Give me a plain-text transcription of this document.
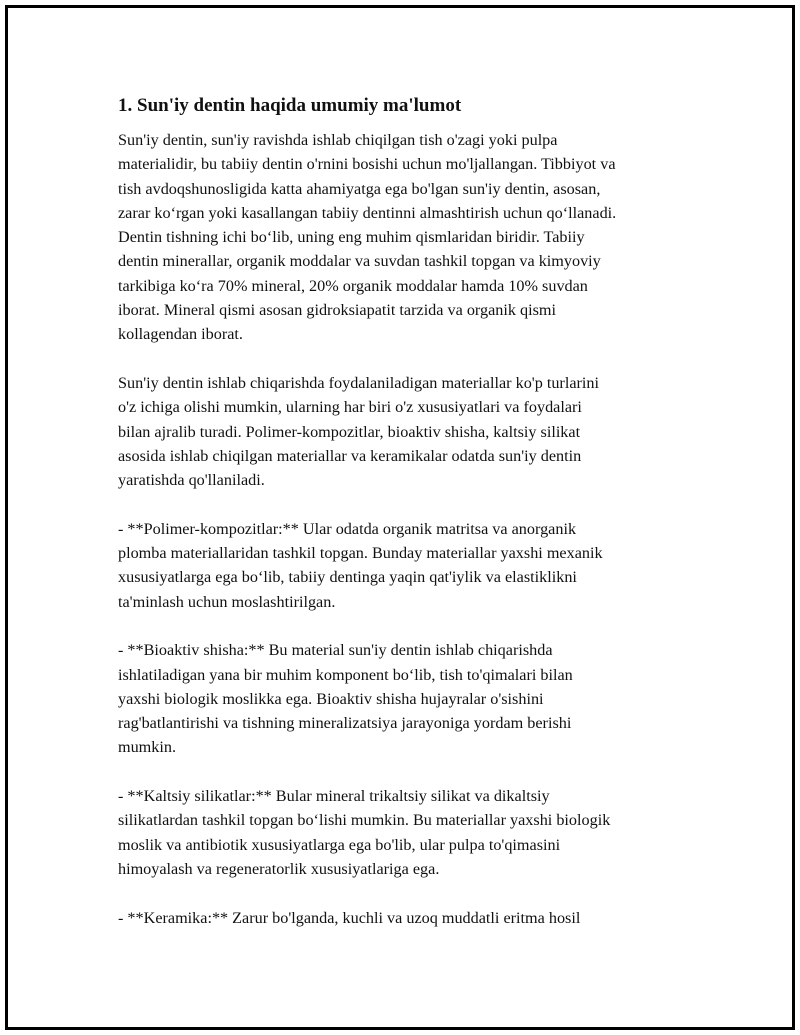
1. Sun'iy dentin haqida umumiy ma'lumot
Sun'iy dentin, sun'iy ravishda ishlab chiqilgan tish o'zagi yoki pulpa
materialidir, bu tabiiy dentin o'rnini bosishi uchun mo'ljallangan. Tibbiyot va
tish avdoqshunosligida katta ahamiyatga ega bo'lgan sun'iy dentin, asosan,
zarar ko‘rgan yoki kasallangan tabiiy dentinni almashtirish uchun qo‘llanadi.
Dentin tishning ichi bo‘lib, uning eng muhim qismlaridan biridir. Tabiiy
dentin minerallar, organik moddalar va suvdan tashkil topgan va kimyoviy
tarkibiga ko‘ra 70% mineral, 20% organik moddalar hamda 10% suvdan
iborat. Mineral qismi asosan gidroksiapatit tarzida va organik qismi
kollagendan iborat.
Sun'iy dentin ishlab chiqarishda foydalaniladigan materiallar ko'p turlarini
o'z ichiga olishi mumkin, ularning har biri o'z xususiyatlari va foydalari
bilan ajralib turadi. Polimer-kompozitlar, bioaktiv shisha, kaltsiy silikat
asosida ishlab chiqilgan materiallar va keramikalar odatda sun'iy dentin
yaratishda qo'llaniladi.
- **Polimer-kompozitlar:** Ular odatda organik matritsa va anorganik
plomba materiallaridan tashkil topgan. Bunday materiallar yaxshi mexanik
xususiyatlarga ega bo‘lib, tabiiy dentinga yaqin qat'iylik va elastiklikni
ta'minlash uchun moslashtirilgan.
- **Bioaktiv shisha:** Bu material sun'iy dentin ishlab chiqarishda
ishlatiladigan yana bir muhim komponent bo‘lib, tish to'qimalari bilan
yaxshi biologik moslikka ega. Bioaktiv shisha hujayralar o'sishini
rag'batlantirishi va tishning mineralizatsiya jarayoniga yordam berishi
mumkin.
- **Kaltsiy silikatlar:** Bular mineral trikaltsiy silikat va dikaltsiy
silikatlardan tashkil topgan bo‘lishi mumkin. Bu materiallar yaxshi biologik
moslik va antibiotik xususiyatlarga ega bo'lib, ular pulpa to'qimasini
himoyalash va regeneratorlik xususiyatlariga ega.
- **Keramika:** Zarur bo'lganda, kuchli va uzoq muddatli eritma hosil
